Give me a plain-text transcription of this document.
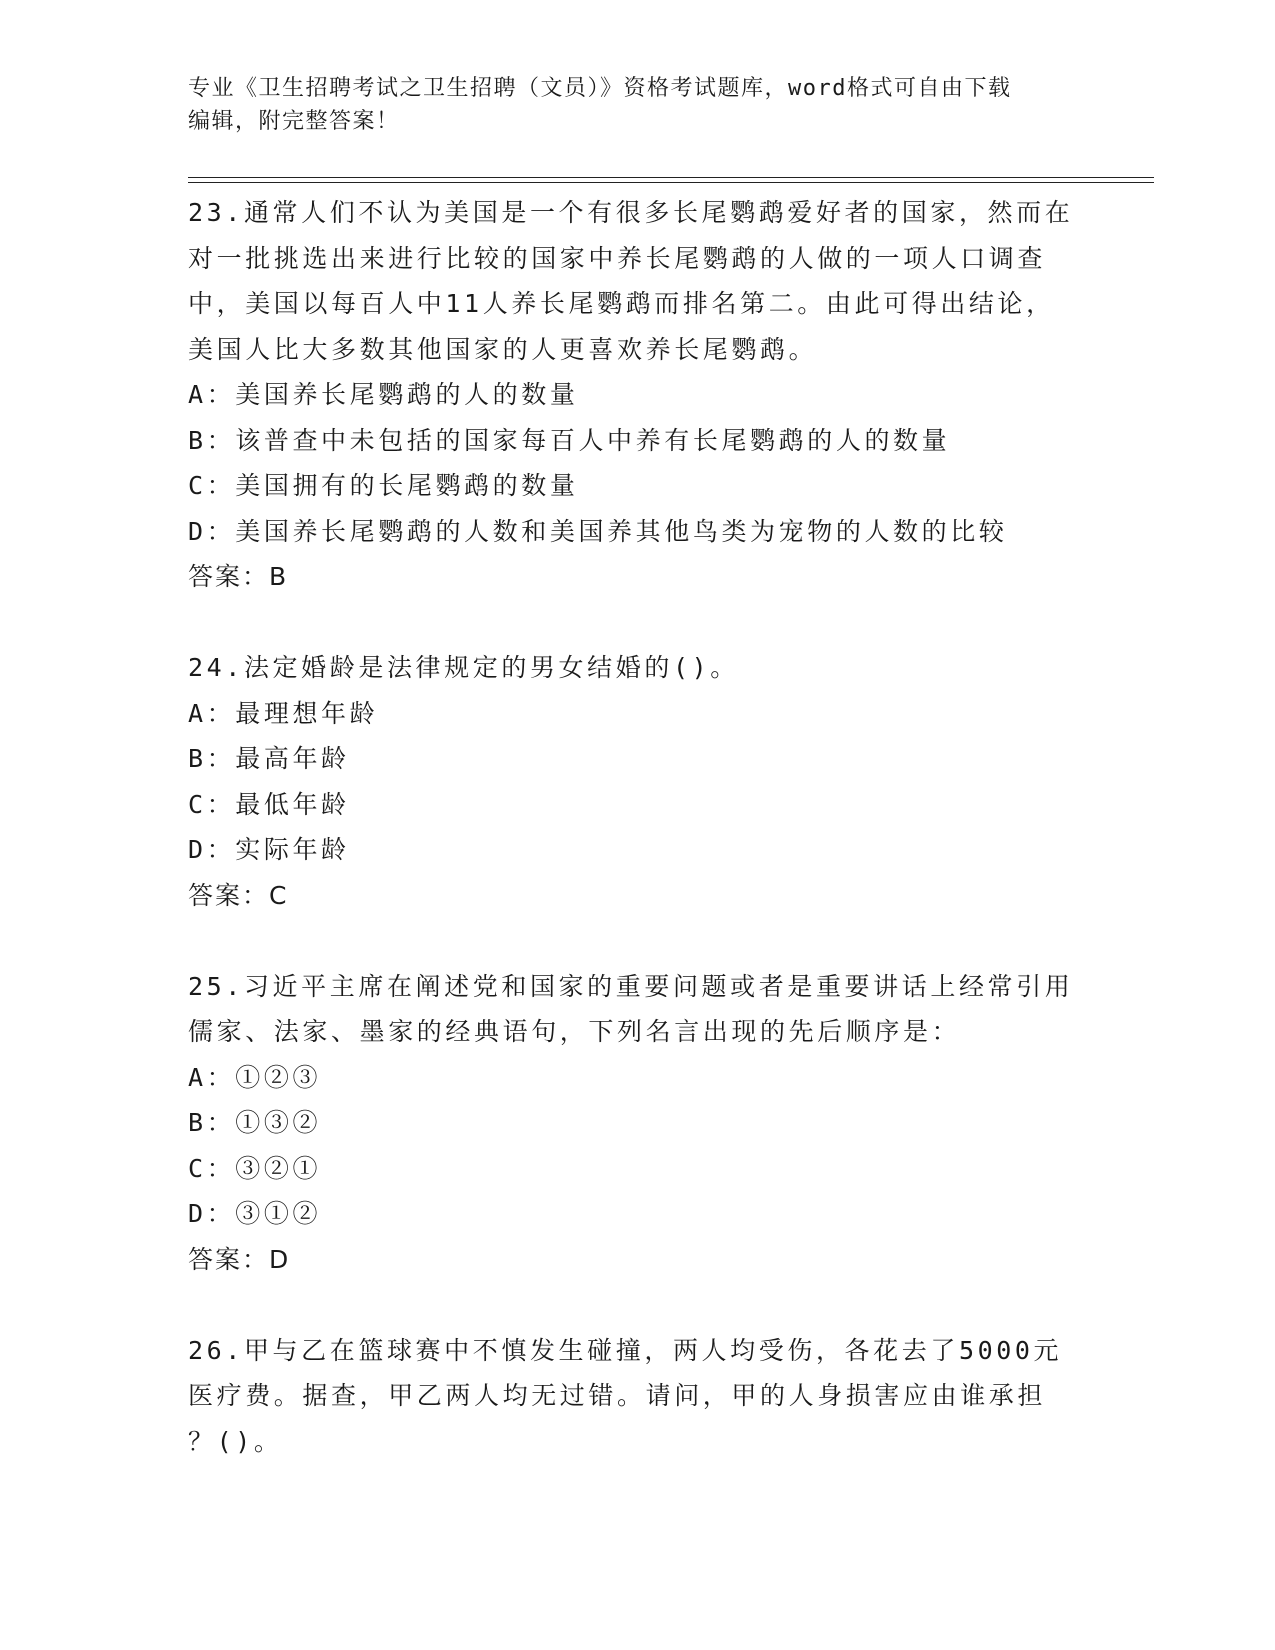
专业《卫生招聘考试之卫生招聘（文员）》资格考试题库，word格式可自由下载

编辑，附完整答案！

23.通常人们不认为美国是一个有很多长尾鹦鹉爱好者的国家，然而在

对一批挑选出来进行比较的国家中养长尾鹦鹉的人做的一项人口调查

中，美国以每百人中11人养长尾鹦鹉而排名第二。由此可得出结论，

美国人比大多数其他国家的人更喜欢养长尾鹦鹉。

A：美国养长尾鹦鹉的人的数量

B：该普查中未包括的国家每百人中养有长尾鹦鹉的人的数量

C：美国拥有的长尾鹦鹉的数量

D：美国养长尾鹦鹉的人数和美国养其他鸟类为宠物的人数的比较

答案：B

24.法定婚龄是法律规定的男女结婚的()。

A：最理想年龄

B：最高年龄

C：最低年龄

D：实际年龄

答案：C

25.习近平主席在阐述党和国家的重要问题或者是重要讲话上经常引用

儒家、法家、墨家的经典语句，下列名言出现的先后顺序是：

A：①②③

B：①③②

C：③②①

D：③①②

答案：D

26.甲与乙在篮球赛中不慎发生碰撞，两人均受伤，各花去了5000元

医疗费。据查，甲乙两人均无过错。请问，甲的人身损害应由谁承担

？()。
